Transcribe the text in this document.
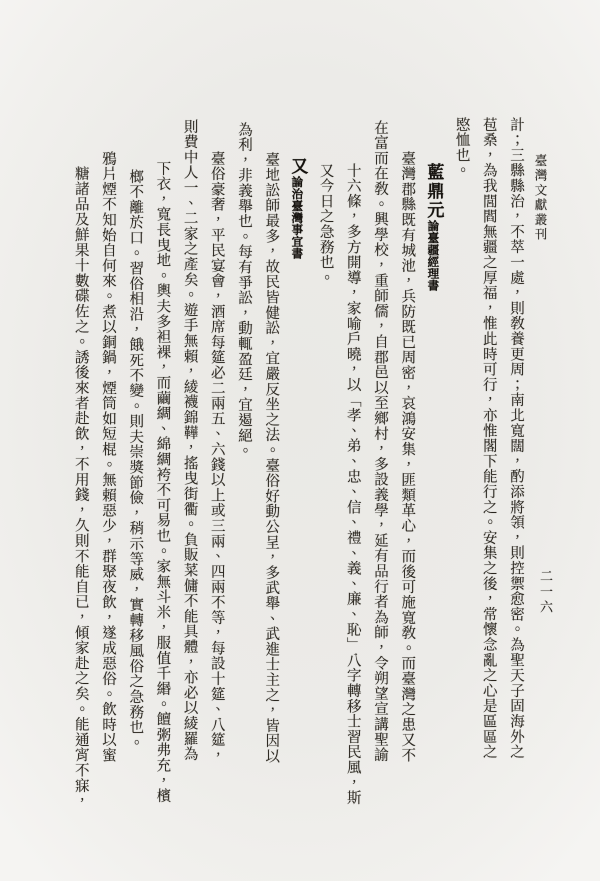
臺灣文獻叢刊
二一六
計；三縣縣治，不萃一處，則敎養更周；南北寬闊，酌添將領，則控禦愈密。為聖天子固海外之
苞桑，為我閭閻無疆之厚福，惟此時可行，亦惟閣下能行之。安集之後，常懷念亂之心是區區之
愍恤也。
藍鼎元論臺疆經理書
臺灣郡縣既有城池，兵防既已周密，哀鴻安集，匪類革心，而後可施寬敎。而臺灣之患又不
在富而在敎。興學校，重師儒，自郡邑以至鄉村，多設義學，延有品行者為師，令朔望宣講聖諭
十六條，多方開導，家喻戶曉，以「孝、弟、忠、信、禮、義、廉、恥」八字轉移士習民風，斯
又今日之急務也。
又論治臺灣事宜書
臺地訟師最多，故民皆健訟，宜嚴反坐之法。臺俗好動公呈，多武舉、武進士主之，皆因以
為利，非義舉也。每有爭訟，動輒盈廷，宜遏絕。
臺俗豪奢，平民宴會，酒席每筵必二兩五、六錢以上或三兩、四兩不等，每設十筵、八筵，
則費中人一、二家之產矣。遊手無賴，綾襪錦鞾，搖曳街衢。負販菜傭不能具體，亦必以綾羅為
下衣，寬長曳地。輿夫多袒裸，而繭綢、綿綢袴不可易也。家無斗米，服值千緡。饘粥弗充，檳
榔不離於口。習俗相沿，餓死不變。則夫崇獎節儉，稍示等威，實轉移風俗之急務也。
鴉片煙不知始自何來。煮以銅鍋，煙筒如短棍。無賴惡少，群聚夜飲，遂成惡俗。飲時以蜜
糖諸品及鮮果十數碟佐之。誘後來者赴飲，不用錢，久則不能自已，傾家赴之矣。能通宵不寐，
